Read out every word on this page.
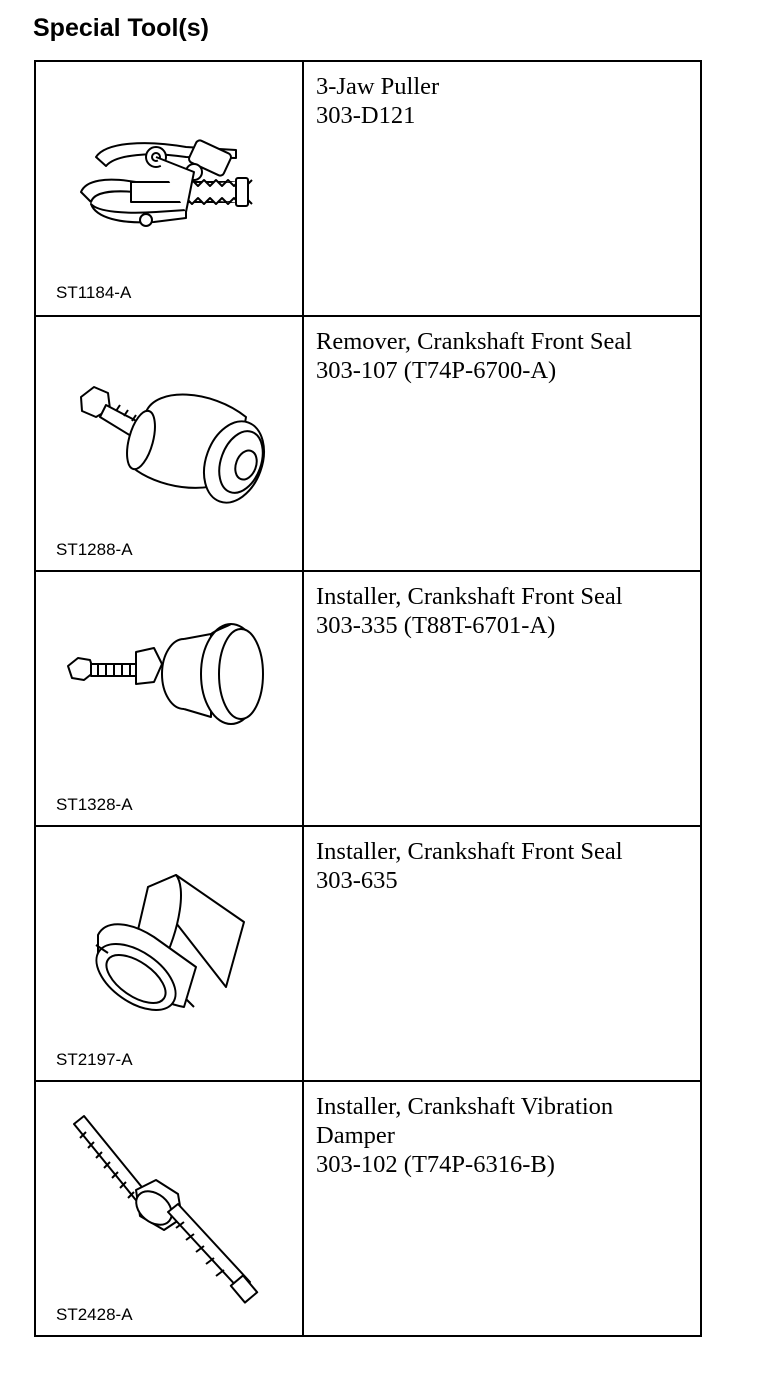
Special Tool(s)
ST1184-A	3-Jaw Puller
303-D121

ST1288-A	Remover, Crankshaft Front Seal
303-107 (T74P-6700-A)

ST1328-A	Installer, Crankshaft Front Seal
303-335 (T88T-6701-A)

ST2197-A	Installer, Crankshaft Front Seal
303-635

ST2428-A	Installer, Crankshaft Vibration
Damper
303-102 (T74P-6316-B)
